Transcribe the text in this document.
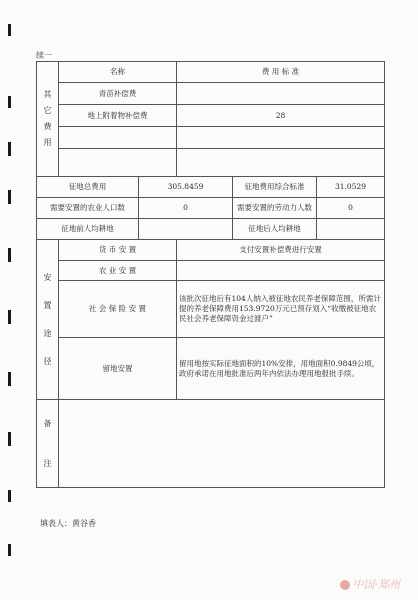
续一
其
它
费
用	名称		费 用 标 准		
	青苗补偿费				
	地上附着物补偿费		28		

征地总费用		305.8459		征地费用综合标准	31.0529
需要安置的农业人口数		0		需要安置的劳动力人数	0
征地前人均耕地				征地后人均耕地	

安
置
途
径	货 币 安 置		支付安置补偿费进行安置		
	农 业 安 置				
	社 会 保 险 安 置		该批次征地后有104人纳入被征地农民养老保障范围，所需计提的养老保障费用153.9720万元已预存划入“收缴被征地农民社会养老保障资金过渡户”		
	留地安置		留用地按实际征地面积的10%安排，用地面积0.9849公顷，政府承诺在用地批准后两年内依法办理用地报批手续。		

备
注					

填表人：黄谷香
中国·郑州
